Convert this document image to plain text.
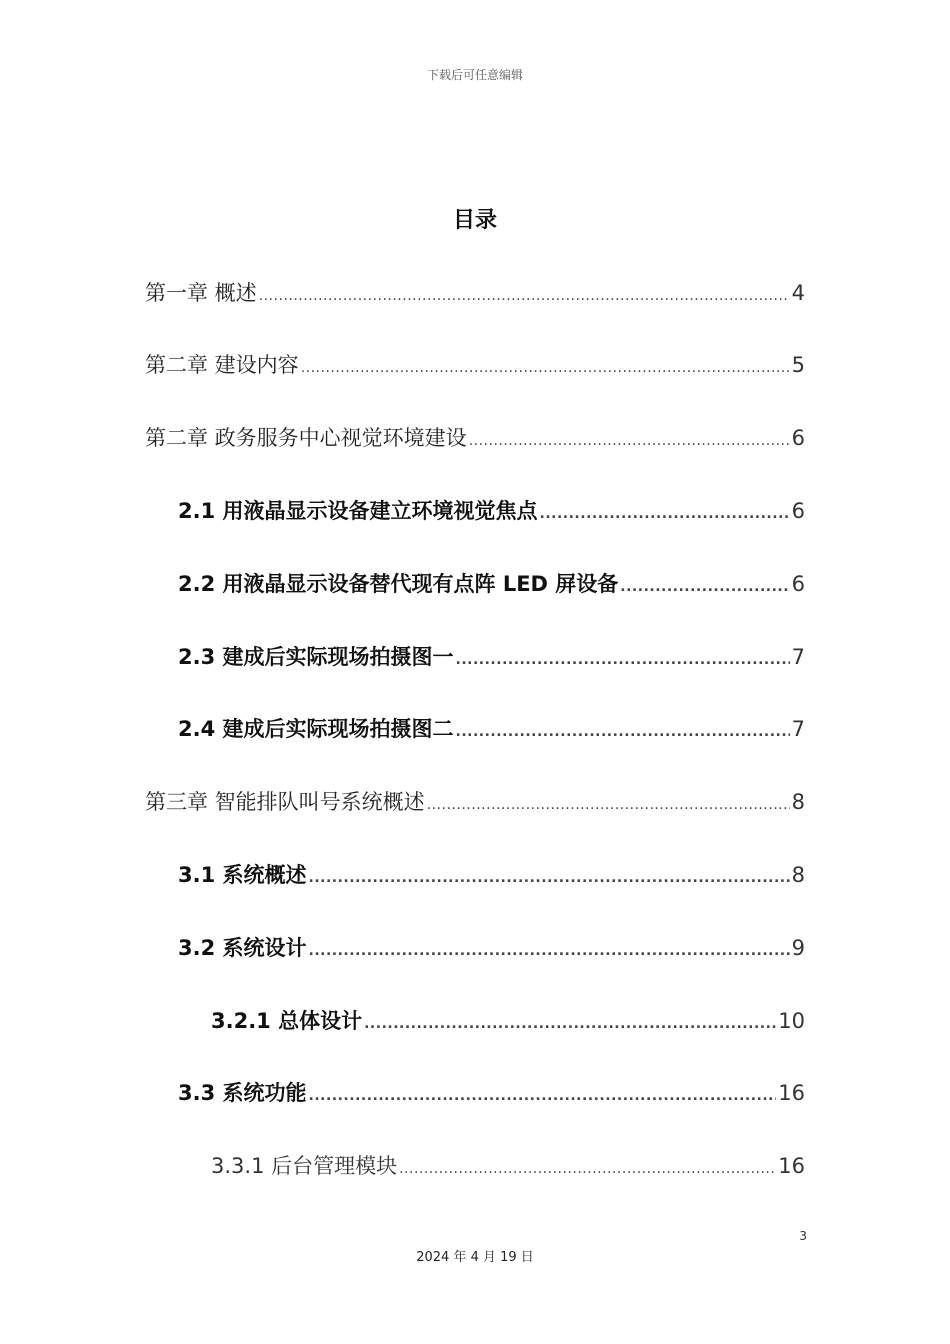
下载后可任意编辑
目录
第一章 概述 .....	4
第二章 建设内容 .....	5
第二章 政务服务中心视觉环境建设 .....	6
2.1 用液晶显示设备建立环境视觉焦点 .....	6
2.2 用液晶显示设备替代现有点阵 LED 屏设备 .....	6
2.3 建成后实际现场拍摄图一 .....	7
2.4 建成后实际现场拍摄图二 .....	7
第三章 智能排队叫号系统概述 .....	8
3.1 系统概述 .....	8
3.2 系统设计 .....	9
3.2.1 总体设计 .....	10
3.3 系统功能 .....	16
3.3.1 后台管理模块 .....	16
3
2024 年 4 月 19 日
